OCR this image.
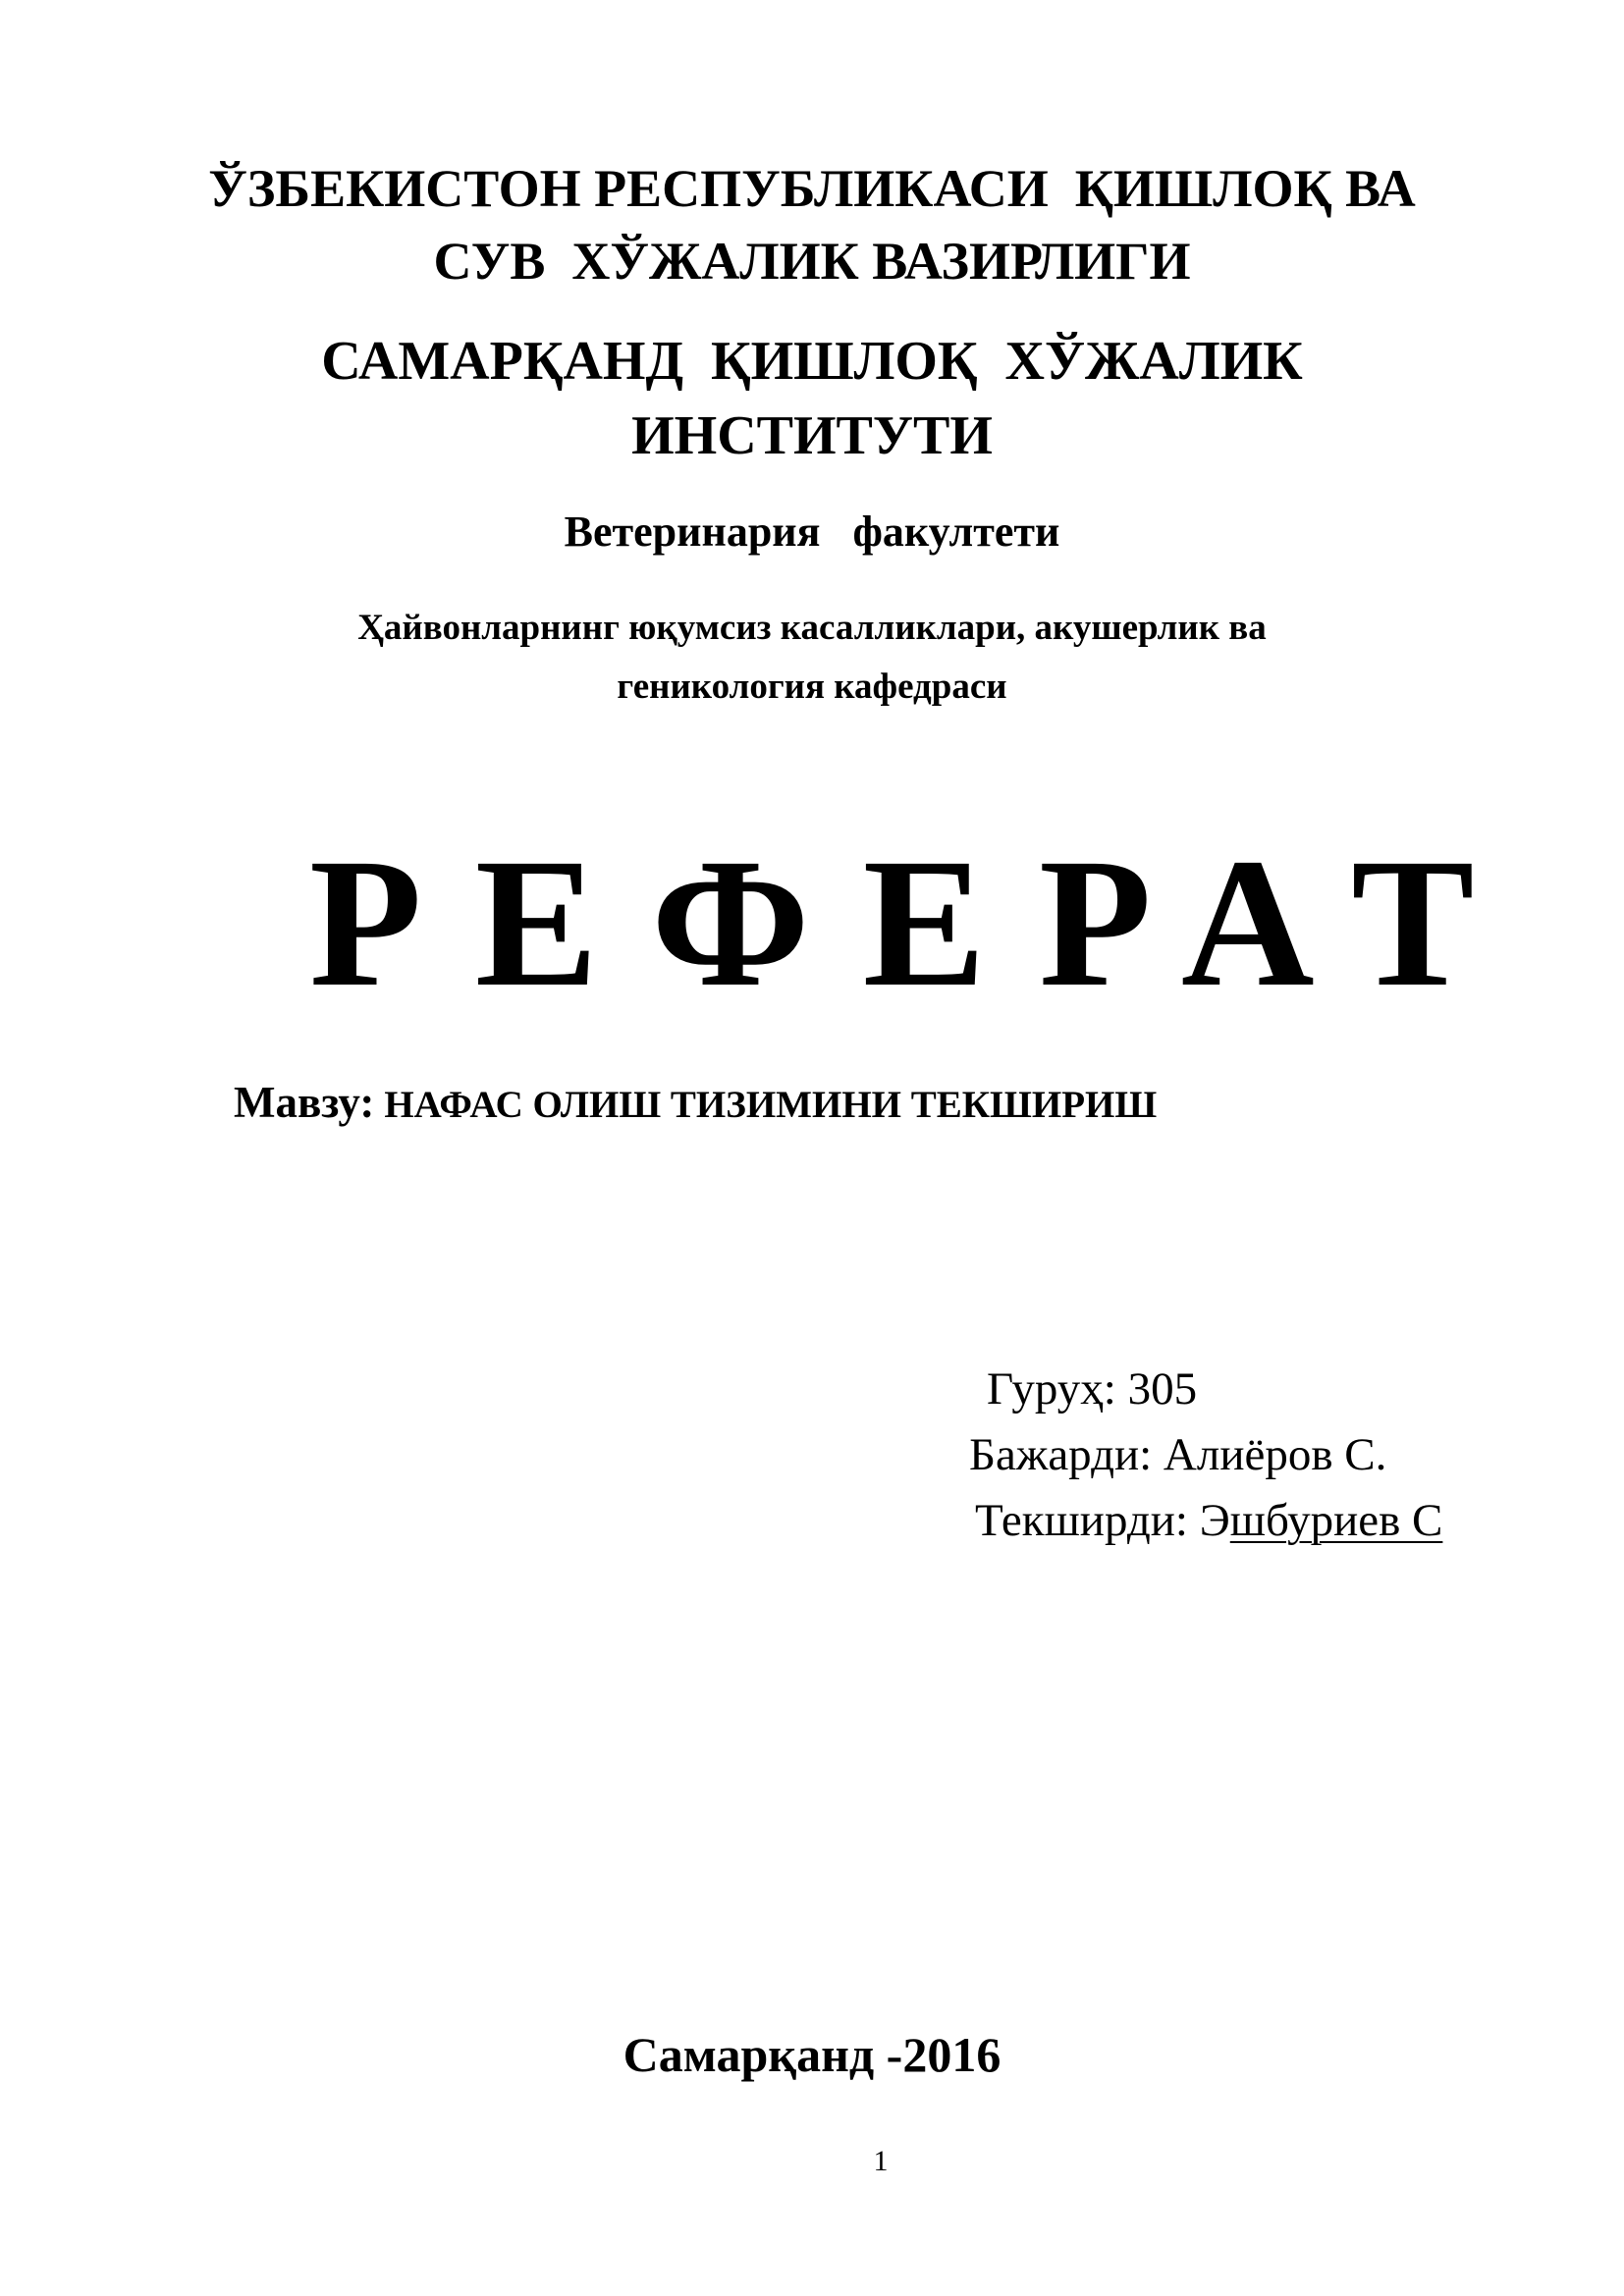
ЎЗБЕКИСТОН РЕСПУБЛИКАСИ  ҚИШЛОҚ ВА
СУВ  ХЎЖАЛИК ВАЗИРЛИГИ
САМАРҚАНД  ҚИШЛОҚ  ХЎЖАЛИК
ИНСТИТУТИ
Ветеринария   факултети
Ҳайвонларнинг юқумсиз касалликлари, акушерлик ва
геникология кафедраси
РЕФЕРАТ
Мавзу: НАФАС ОЛИШ ТИЗИМИНИ ТЕКШИРИШ
Гуруҳ: 305
Бажарди: Алиёров С.
Текширди: Эшбуриев С
Самарқанд -2016
1
